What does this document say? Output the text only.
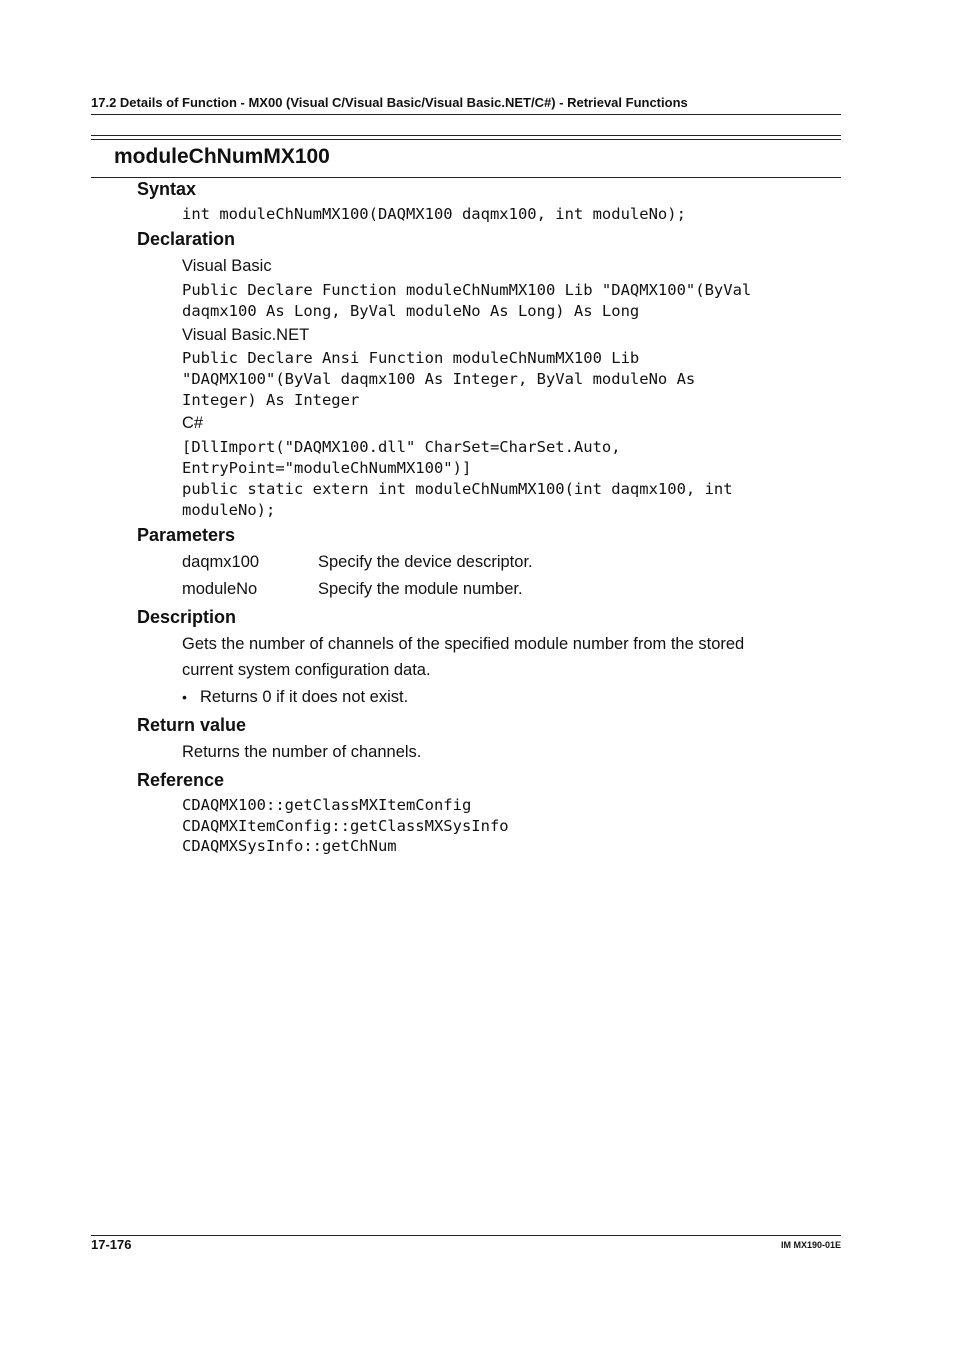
17.2 Details of Function - MX00 (Visual C/Visual Basic/Visual Basic.NET/C#) - Retrieval Functions
moduleChNumMX100
Syntax
int moduleChNumMX100(DAQMX100 daqmx100, int moduleNo);
Declaration
Visual Basic
Public Declare Function moduleChNumMX100 Lib "DAQMX100"(ByVal
daqmx100 As Long, ByVal moduleNo As Long) As Long
Visual Basic.NET
Public Declare Ansi Function moduleChNumMX100 Lib
"DAQMX100"(ByVal daqmx100 As Integer, ByVal moduleNo As
Integer) As Integer
C#
[DllImport("DAQMX100.dll" CharSet=CharSet.Auto,
EntryPoint="moduleChNumMX100")]
public static extern int moduleChNumMX100(int daqmx100, int
moduleNo);
Parameters
daqmx100	Specify the device descriptor.
moduleNo	Specify the module number.
Description
Gets the number of channels of the specified module number from the stored
current system configuration data.
• Returns 0 if it does not exist.
Return value
Returns the number of channels.
Reference
CDAQMX100::getClassMXItemConfig
CDAQMXItemConfig::getClassMXSysInfo
CDAQMXSysInfo::getChNum
17-176	IM MX190-01E
